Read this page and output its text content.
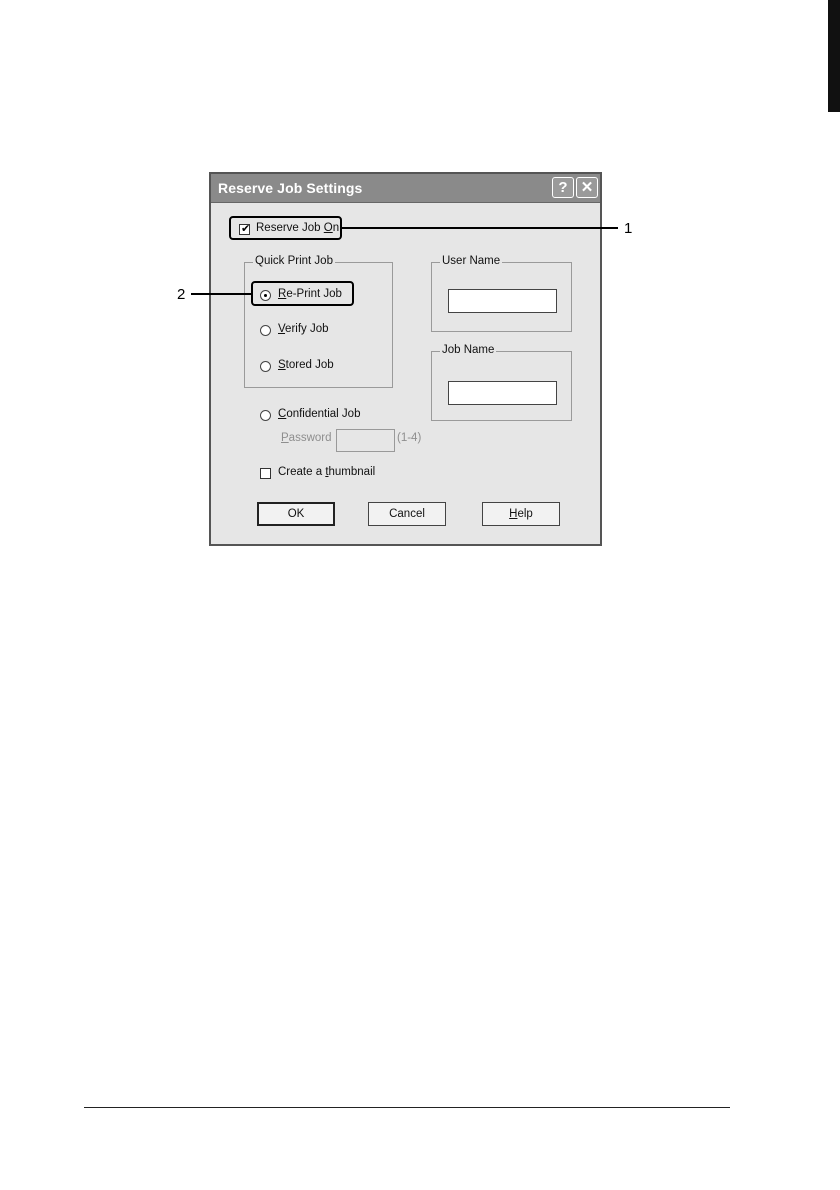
Reserve Job Settings	? ✕
✔ Reserve Job On
Quick Print Job
Re-Print Job
Verify Job
Stored Job
User Name
Job Name
Confidential Job
Password	(1-4)
Create a thumbnail
OK	Cancel	Help
1
2
